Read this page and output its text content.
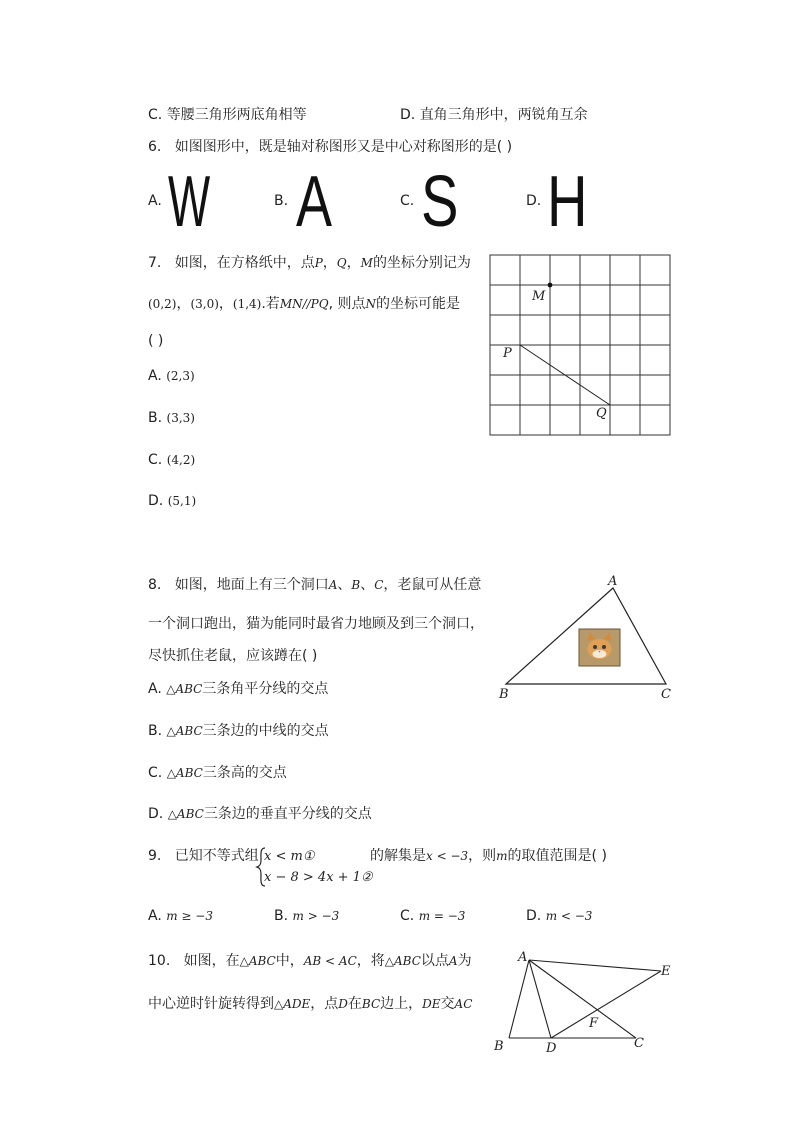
C. 等腰三角形两底角相等	D. 直角三角形中，两锐角互余
6. 如图图形中，既是轴对称图形又是中心对称图形的是( )
A. W	B. A	C. S	D. H
7. 如图，在方格纸中，点P，Q，M的坐标分别记为
(0,2)，(3,0)，(1,4).若MN//PQ, 则点N的坐标可能是
( )
A. (2,3)
B. (3,3)
C. (4,2)
D. (5,1)
M
P
Q
8. 如图，地面上有三个洞口A、B、C，老鼠可从任意
一个洞口跑出，猫为能同时最省力地顾及到三个洞口，
尽快抓住老鼠，应该蹲在( )
A. △ABC三条角平分线的交点
B. △ABC三条边的中线的交点
C. △ABC三条高的交点
D. △ABC三条边的垂直平分线的交点
A
B	C
9. 已知不等式组 x < m①
x − 8 > 4x + 1②
的解集是x < −3，则m的取值范围是( )
A. m ≥ −3	B. m > −3	C. m = −3	D. m < −3
10. 如图，在△ABC中，AB < AC，将△ABC以点A为
中心逆时针旋转得到△ADE，点D在BC边上，DE交AC
A
B	C
D
E
F
